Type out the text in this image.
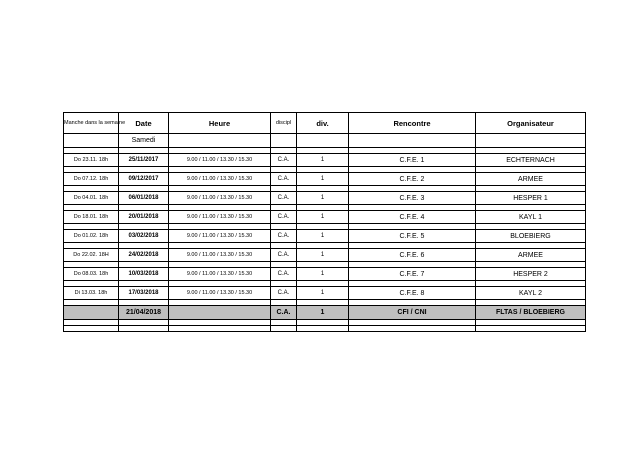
Manche dans la semaine	Date	Heure	discipl	div.	Rencontre	Organisateur
	Samedi					

Do 23.11. 18h	25/11/2017	9.00 / 11.00 / 13.30 / 15.30	C.A.	1	C.F.E. 1	ECHTERNACH

Do 07.12. 18h	09/12/2017	9.00 / 11.00 / 13.30 / 15.30	C.A.	1	C.F.E. 2	ARMEE

Do 04.01. 18h	06/01/2018	9.00 / 11.00 / 13.30 / 15.30	C.A.	1	C.F.E. 3	HESPER 1

Do 18.01. 18h	20/01/2018	9.00 / 11.00 / 13.30 / 15.30	C.A.	1	C.F.E. 4	KAYL 1

Do 01.02. 18h	03/02/2018	9.00 / 11.00 / 13.30 / 15.30	C.A.	1	C.F.E. 5	BLOEBIERG

Do 22.02. 18H	24/02/2018	9.00 / 11.00 / 13.30 / 15.30	C.A.	1	C.F.E. 6	ARMEE

Do 08.03. 18h	10/03/2018	9.00 / 11.00 / 13.30 / 15.30	C.A.	1	C.F.E. 7	HESPER 2

Di 13.03. 18h	17/03/2018	9.00 / 11.00 / 13.30 / 15.30	C.A.	1	C.F.E. 8	KAYL 2

	21/04/2018		C.A.	1	CFI / CNI	FLTAS / BLOEBIERG
